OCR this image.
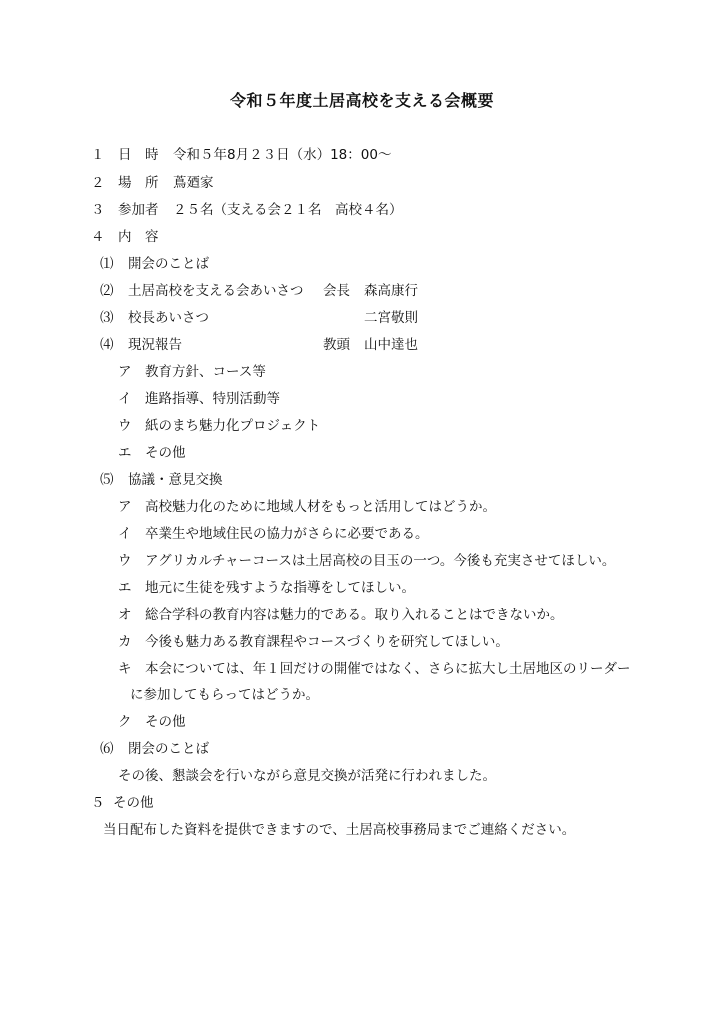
令和５年度土居高校を支える会概要
１ 日　時 令和５年8月２３日（水）18：00～
２ 場　所 蔦廼家
３ 参加者 ２５名（支える会２１名　高校４名）
４ 内　容
⑴ 開会のことば
⑵ 土居高校を支える会あいさつ 会長 森高康行
⑶ 校長あいさつ	二宮敬則
⑷ 現況報告	教頭 山中達也
ア 教育方針、コース等
イ 進路指導、特別活動等
ウ 紙のまち魅力化プロジェクト
エ その他
⑸ 協議・意見交換
ア 高校魅力化のために地域人材をもっと活用してはどうか。
イ 卒業生や地域住民の協力がさらに必要である。
ウ アグリカルチャーコースは土居高校の目玉の一つ。今後も充実させてほしい。
エ 地元に生徒を残すような指導をしてほしい。
オ 総合学科の教育内容は魅力的である。取り入れることはできないか。
カ 今後も魅力ある教育課程やコースづくりを研究してほしい。
キ 本会については、年１回だけの開催ではなく、さらに拡大し土居地区のリーダー
に参加してもらってはどうか。
ク その他
⑹ 閉会のことば
その後、懇談会を行いながら意見交換が活発に行われました。
５ その他
当日配布した資料を提供できますので、土居高校事務局までご連絡ください。
